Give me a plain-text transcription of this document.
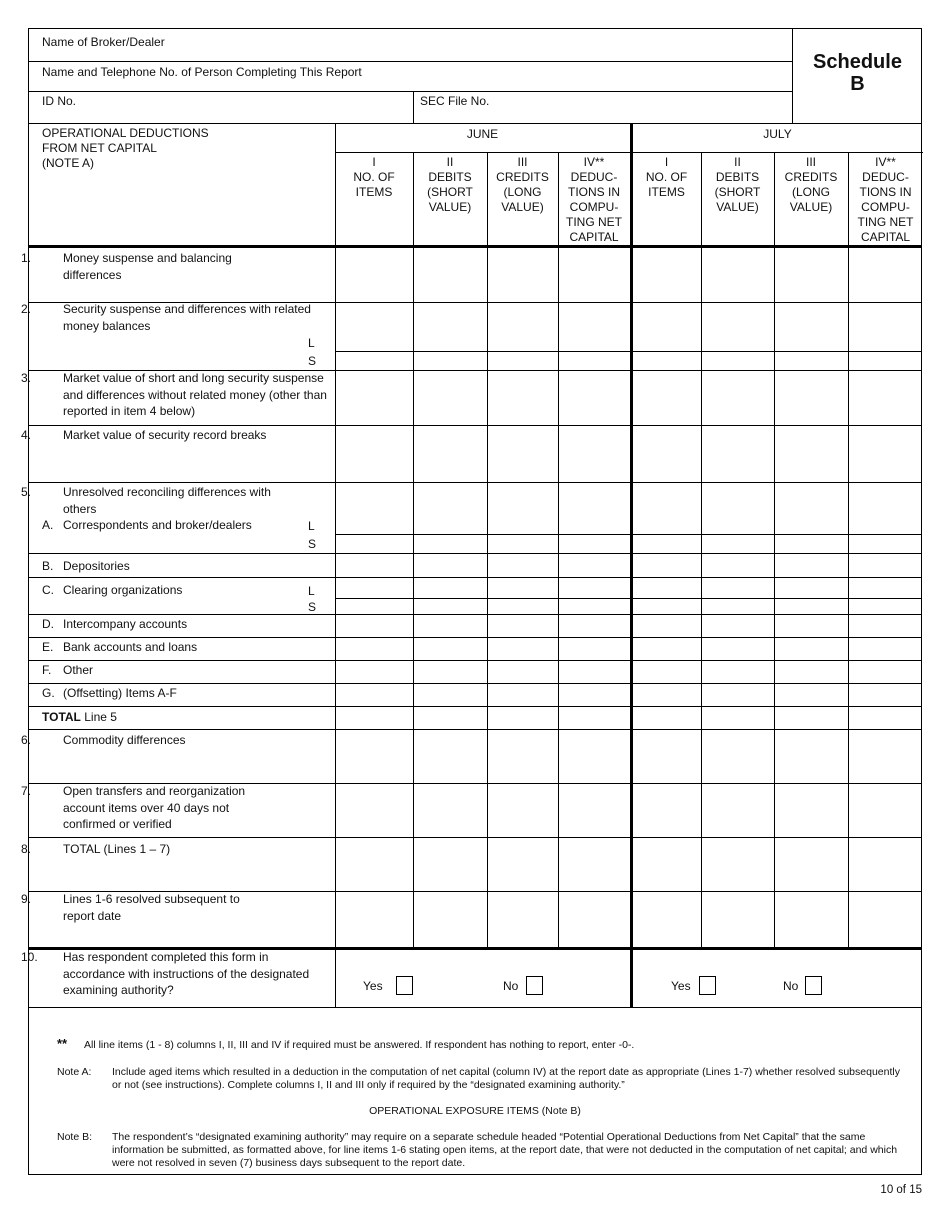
Name of Broker/Dealer
Name and Telephone No. of Person Completing This Report
ID No.	SEC File No.
Schedule
B
OPERATIONAL DEDUCTIONS
FROM NET CAPITAL
(NOTE A)
JUNE	JULY
I
NO. OF
ITEMS
II
DEBITS
(SHORT
VALUE)
III
CREDITS
(LONG
VALUE)
IV**
DEDUC-
TIONS IN
COMPU-
TING NET
CAPITAL
I
NO. OF
ITEMS
II
DEBITS
(SHORT
VALUE)
III
CREDITS
(LONG
VALUE)
IV**
DEDUC-
TIONS IN
COMPU-
TING NET
CAPITAL
1.	Money suspense and balancing differences
2.	Security suspense and differences with related money balances
L
S
3.	Market value of short and long security suspense and differences without related money (other than reported in item 4 below)
4.	Market value of security record breaks
5.	Unresolved reconciling differences with others
A. Correspondents and broker/dealers	L
S
B. Depositories
C. Clearing organizations	L
S
D. Intercompany accounts
E. Bank accounts and loans
F. Other
G. (Offsetting) Items A-F
TOTAL Line 5
6.	Commodity differences
7.	Open transfers and reorganization account items over 40 days not confirmed or verified
8.	TOTAL (Lines 1 – 7)
9.	Lines 1-6 resolved subsequent to report date
10. Has respondent completed this form in accordance with instructions of the designated examining authority?	Yes	No	Yes	No
** All line items (1 - 8) columns I, II, III and IV if required must be answered. If respondent has nothing to report, enter -0-.
Note A: Include aged items which resulted in a deduction in the computation of net capital (column IV) at the report date as appropriate (Lines 1-7) whether resolved subsequently or not (see instructions). Complete columns I, II and III only if required by the “designated examining authority.”
OPERATIONAL EXPOSURE ITEMS (Note B)
Note B: The respondent’s “designated examining authority” may require on a separate schedule headed “Potential Operational Deductions from Net Capital” that the same information be submitted, as formatted above, for line items 1-6 stating open items, at the report date, that were not deducted in the computation of net capital; and which were not resolved in seven (7) business days subsequent to the report date.
10 of 15
